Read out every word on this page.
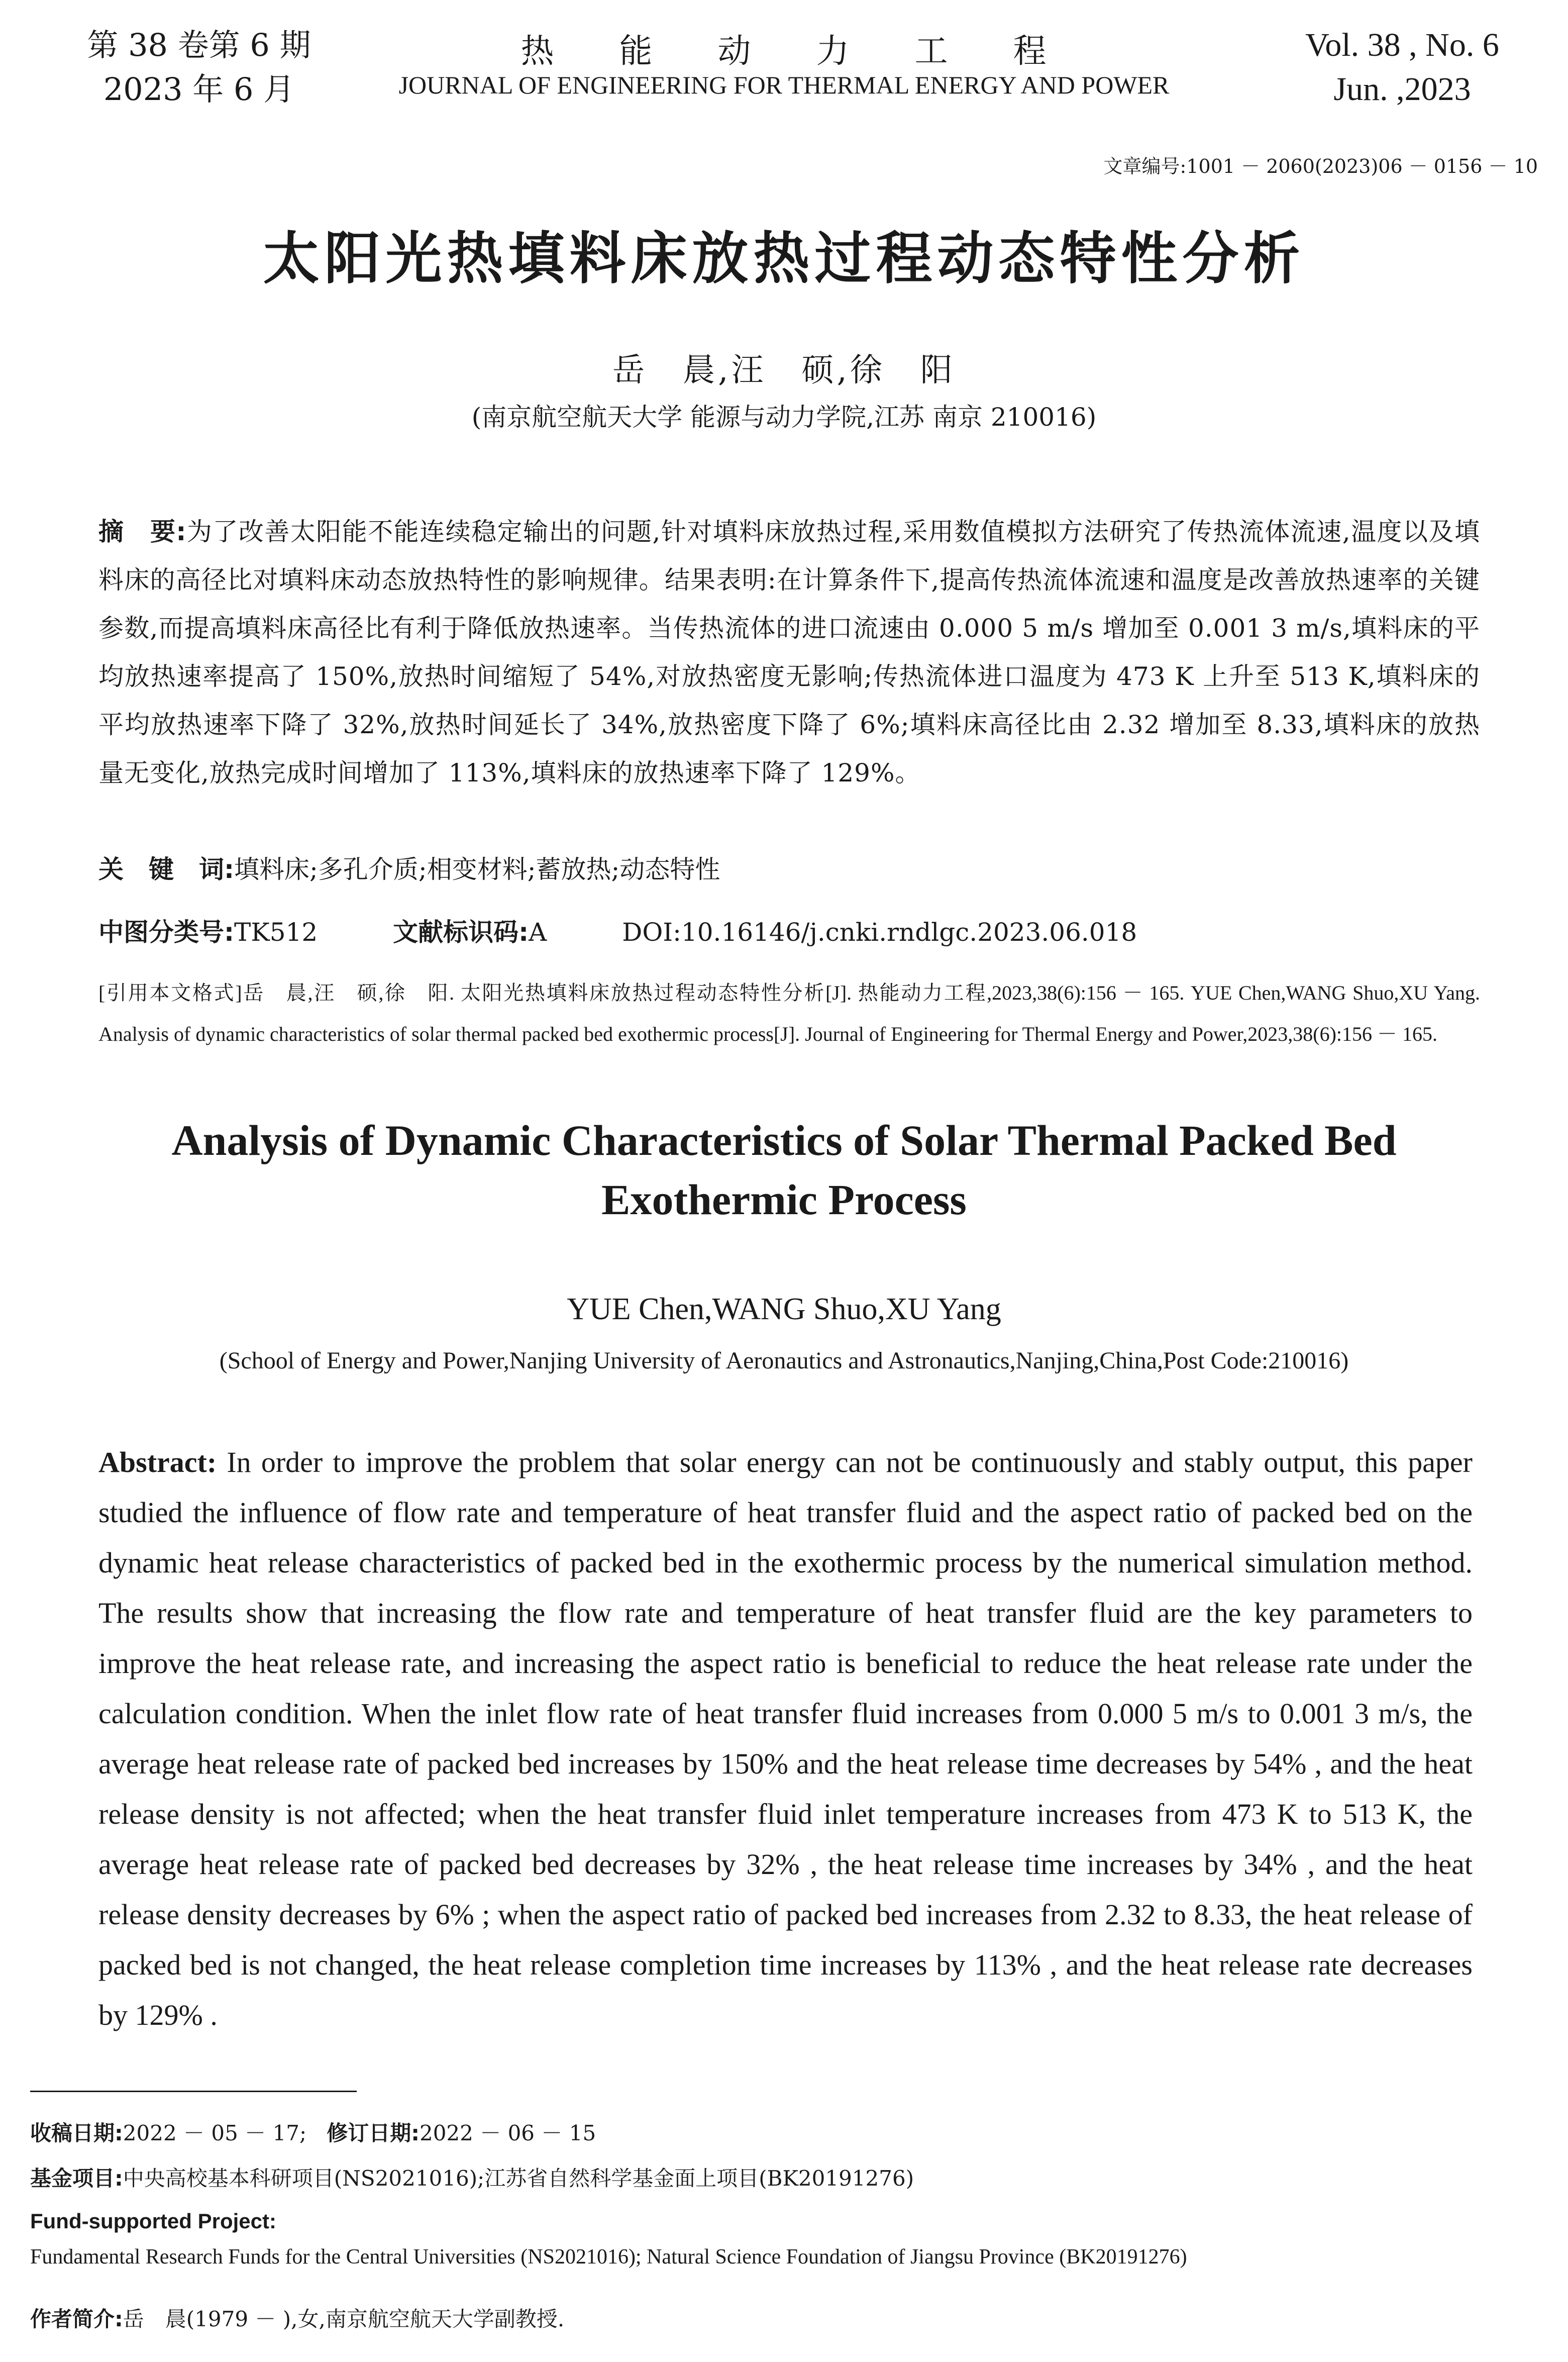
第 38 卷第 6 期
2023 年 6 月
热 能 动 力 工 程
JOURNAL OF ENGINEERING FOR THERMAL ENERGY AND POWER
Vol. 38 , No. 6
Jun. ,2023
文章编号:1001 － 2060(2023)06 － 0156 － 10
太阳光热填料床放热过程动态特性分析
岳　晨,汪　硕,徐　阳
(南京航空航天大学 能源与动力学院,江苏 南京 210016)
摘　要:为了改善太阳能不能连续稳定输出的问题,针对填料床放热过程,采用数值模拟方法研究了传热流体流速,温度以及填料床的高径比对填料床动态放热特性的影响规律。结果表明:在计算条件下,提高传热流体流速和温度是改善放热速率的关键参数,而提高填料床高径比有利于降低放热速率。当传热流体的进口流速由 0.000 5 m/s 增加至 0.001 3 m/s,填料床的平均放热速率提高了 150%,放热时间缩短了 54%,对放热密度无影响;传热流体进口温度为 473 K 上升至 513 K,填料床的平均放热速率下降了 32%,放热时间延长了 34%,放热密度下降了 6%;填料床高径比由 2.32 增加至 8.33,填料床的放热量无变化,放热完成时间增加了 113%,填料床的放热速率下降了 129%。
关　键　词:填料床;多孔介质;相变材料;蓄放热;动态特性
中图分类号:TK512	文献标识码:A	DOI:10.16146/j.cnki.rndlgc.2023.06.018
[引用本文格式]岳　晨,汪　硕,徐　阳. 太阳光热填料床放热过程动态特性分析[J]. 热能动力工程,2023,38(6):156 － 165. YUE Chen,WANG Shuo,XU Yang. Analysis of dynamic characteristics of solar thermal packed bed exothermic process[J]. Journal of Engineering for Thermal Energy and Power,2023,38(6):156 － 165.
Analysis of Dynamic Characteristics of Solar Thermal Packed Bed
Exothermic Process
YUE Chen,WANG Shuo,XU Yang
(School of Energy and Power,Nanjing University of Aeronautics and Astronautics,Nanjing,China,Post Code:210016)
Abstract: In order to improve the problem that solar energy can not be continuously and stably output, this paper studied the influence of flow rate and temperature of heat transfer fluid and the aspect ratio of packed bed on the dynamic heat release characteristics of packed bed in the exothermic process by the numerical simulation method. The results show that increasing the flow rate and temperature of heat transfer fluid are the key parameters to improve the heat release rate, and increasing the aspect ratio is beneficial to reduce the heat release rate under the calculation condition. When the inlet flow rate of heat transfer fluid increases from 0.000 5 m/s to 0.001 3 m/s, the average heat release rate of packed bed increases by 150% and the heat release time decreases by 54% , and the heat release density is not affected; when the heat transfer fluid inlet temperature increases from 473 K to 513 K, the average heat release rate of packed bed decreases by 32% , the heat release time increases by 34% , and the heat release density decreases by 6% ; when the aspect ratio of packed bed increases from 2.32 to 8.33, the heat release of packed bed is not changed, the heat release completion time increases by 113% , and the heat release rate decreases by 129% .
收稿日期:2022 － 05 － 17; 修订日期:2022 － 06 － 15
基金项目:中央高校基本科研项目(NS2021016);江苏省自然科学基金面上项目(BK20191276)
Fund-supported Project:Fundamental Research Funds for the Central Universities (NS2021016); Natural Science Foundation of Jiangsu Province (BK20191276)
作者简介:岳　晨(1979 － ),女,南京航空航天大学副教授.
